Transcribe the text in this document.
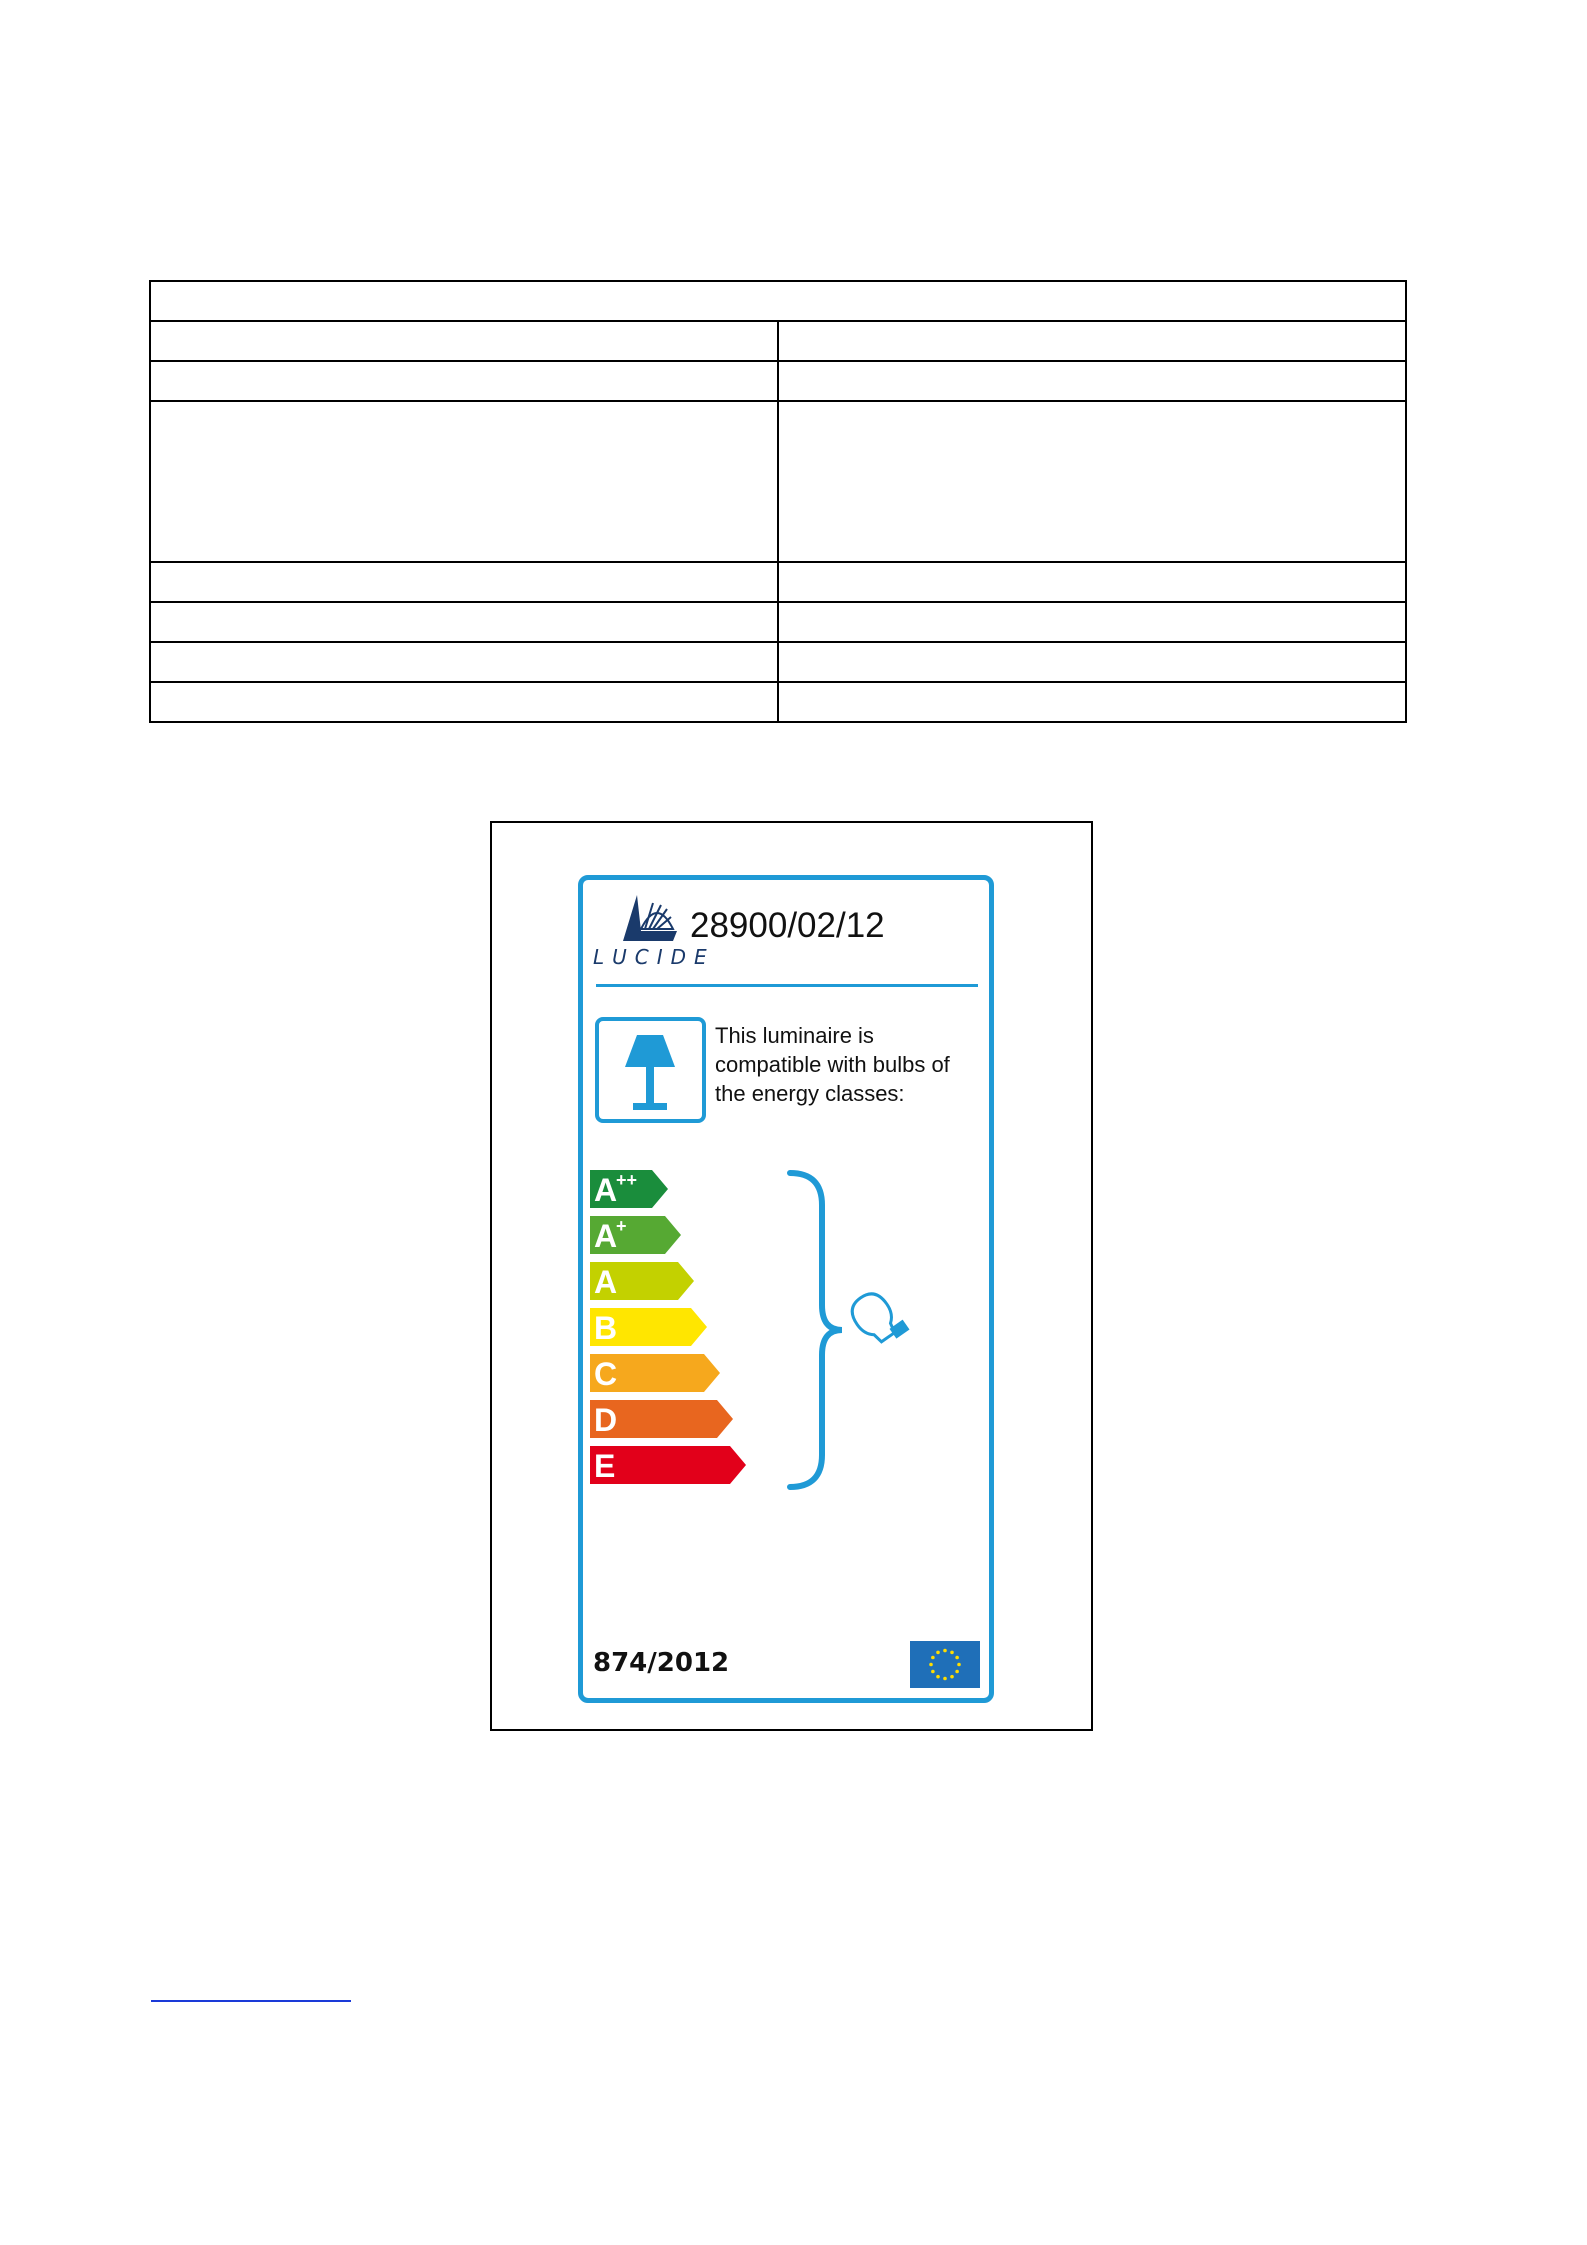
LUCIDE
28900/02/12
This luminaire is compatible with bulbs of the energy classes:
A
++
A
+
A
B
C
D
E
874/2012
